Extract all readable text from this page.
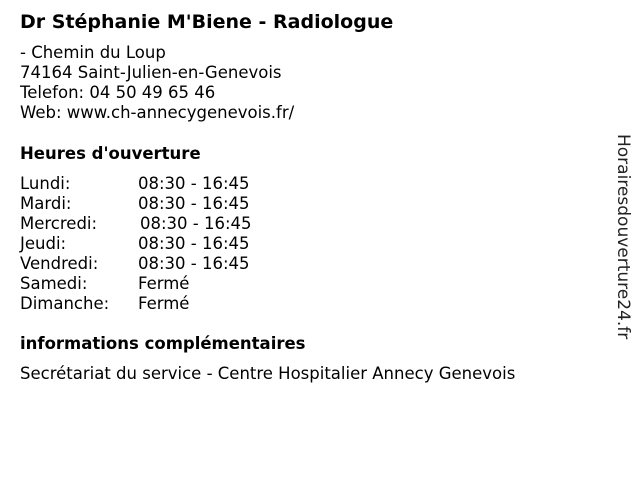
Dr Stéphanie M'Biene - Radiologue
- Chemin du Loup
74164 Saint-Julien-en-Genevois
Telefon: 04 50 49 65 46
Web: www.ch-annecygenevois.fr/
Heures d'ouverture
Lundi:	08:30 - 16:45
Mardi:	08:30 - 16:45
Mercredi:	08:30 - 16:45
Jeudi:	08:30 - 16:45
Vendredi: 08:30 - 16:45
Samedi:	Fermé
Dimanche: Fermé
informations complémentaires
Secrétariat du service - Centre Hospitalier Annecy Genevois
Horairesdouverture24.fr
